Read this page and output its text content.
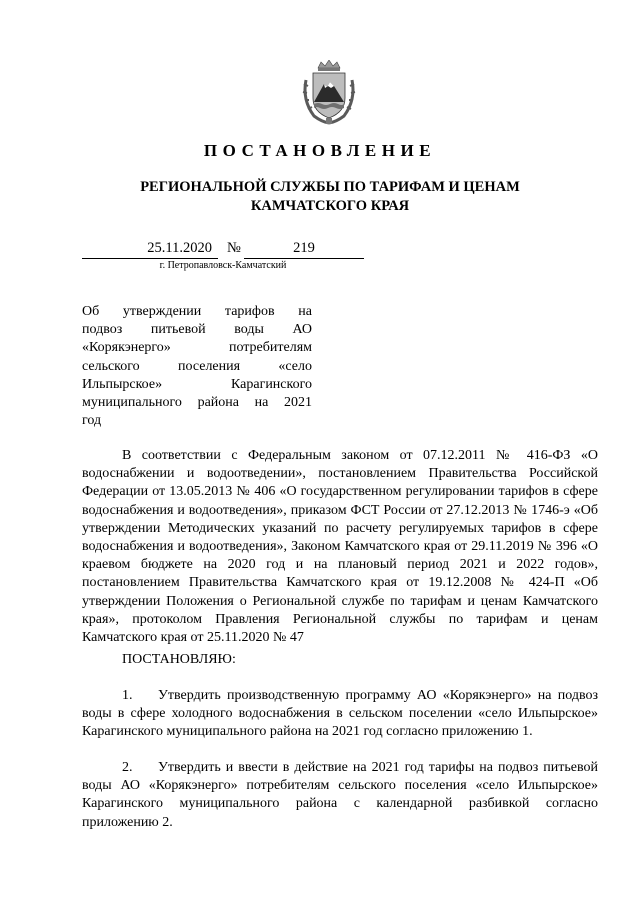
ПОСТАНОВЛЕНИЕ
РЕГИОНАЛЬНОЙ СЛУЖБЫ ПО ТАРИФАМ И ЦЕНАМ
КАМЧАТСКОГО КРАЯ
25.11.2020	№	219
г. Петропавловск-Камчатский
Об утверждении тарифов на
подвоз питьевой воды АО
«Корякэнерго» потребителям
сельского поселения «село
Ильпырское» Карагинского
муниципального района на 2021
год
В соответствии с Федеральным законом от 07.12.2011 № 416-ФЗ «О водоснабжении и водоотведении», постановлением Правительства Российской Федерации от 13.05.2013 № 406 «О государственном регулировании тарифов в сфере водоснабжения и водоотведения», приказом ФСТ России от 27.12.2013 № 1746-э «Об утверждении Методических указаний по расчету регулируемых тарифов в сфере водоснабжения и водоотведения», Законом Камчатского края от 29.11.2019 № 396 «О краевом бюджете на 2020 год и на плановый период 2021 и 2022 годов», постановлением Правительства Камчатского края от 19.12.2008 № 424-П «Об утверждении Положения о Региональной службе по тарифам и ценам Камчатского края», протоколом Правления Региональной службы по тарифам и ценам Камчатского края от 25.11.2020 № 47
ПОСТАНОВЛЯЮ:
1. Утвердить производственную программу АО «Корякэнерго» на подвоз воды в сфере холодного водоснабжения в сельском поселении «село Ильпырское» Карагинского муниципального района на 2021 год согласно приложению 1.
2. Утвердить и ввести в действие на 2021 год тарифы на подвоз питьевой воды АО «Корякэнерго» потребителям сельского поселения «село Ильпырское» Карагинского муниципального района с календарной разбивкой согласно приложению 2.
